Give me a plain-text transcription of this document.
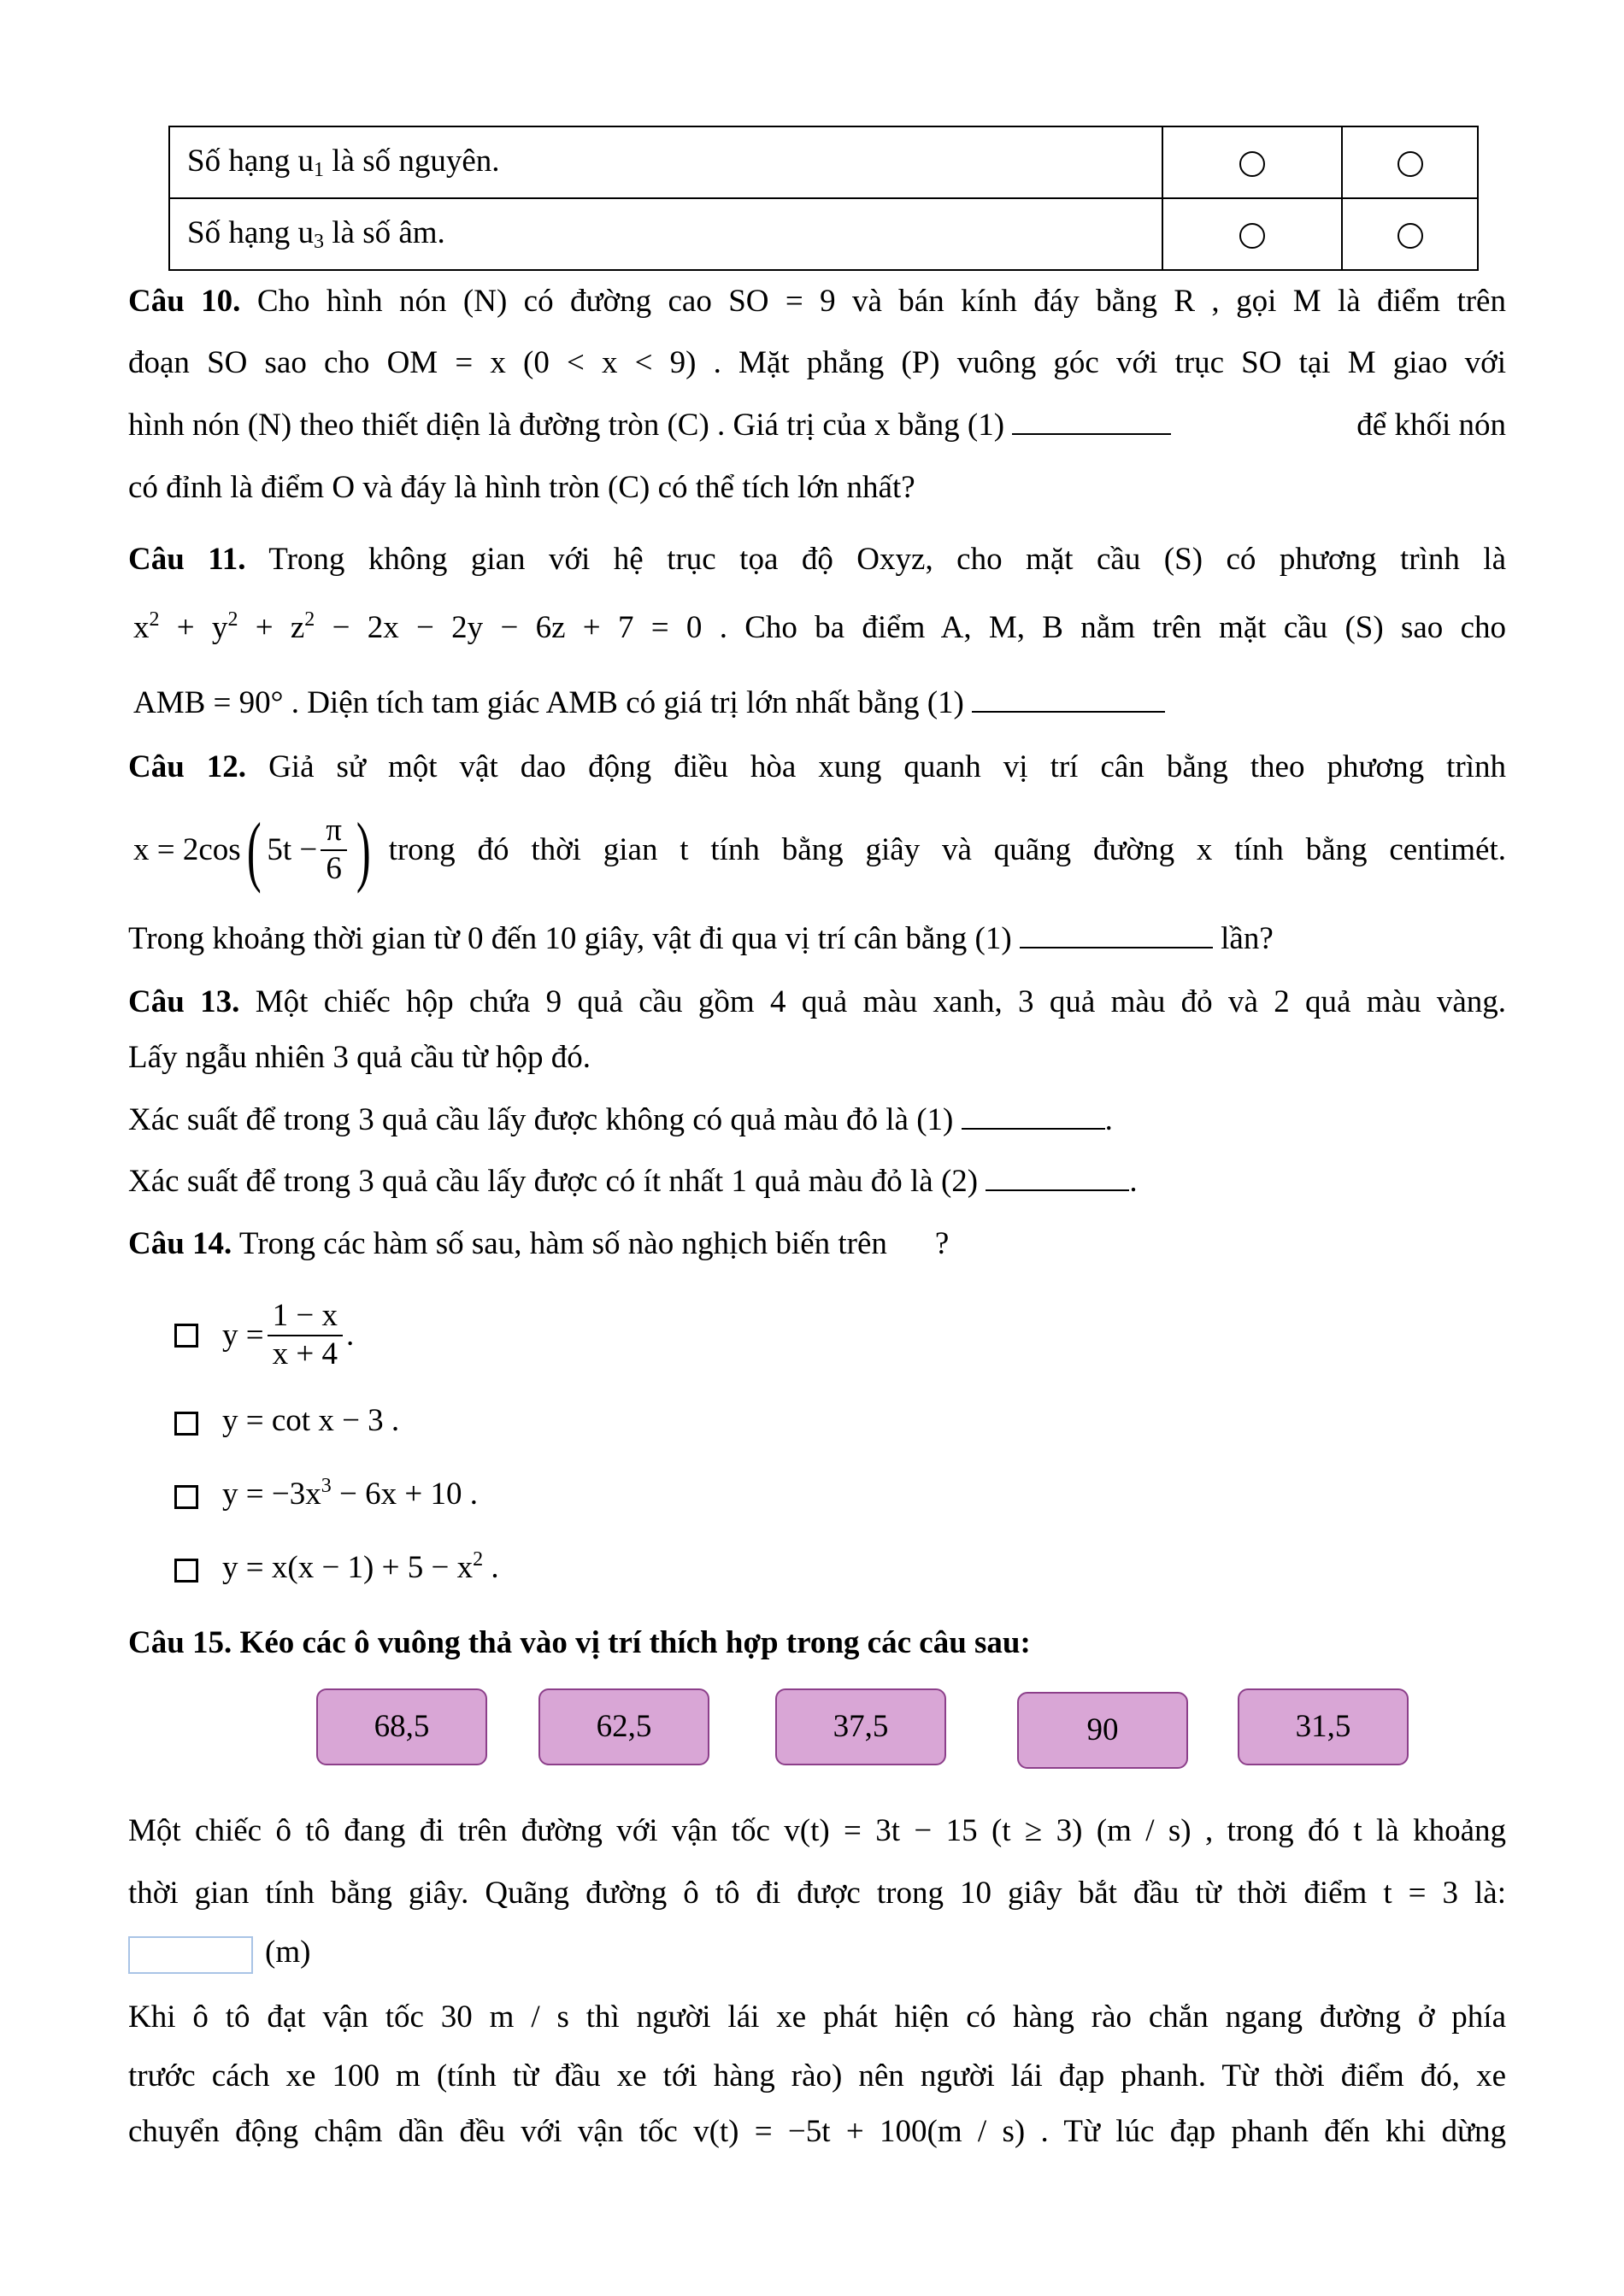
Số hạng $u_1$ là số nguyên.		
Số hạng $u_3$ là số âm.		
Câu 10. Cho hình nón (N) có đường cao SO = 9 và bán kính đáy bằng R , gọi M là điểm trên
đoạn SO sao cho OM = x (0 < x < 9) . Mặt phẳng (P) vuông góc với trục SO tại M giao với
hình nón (N) theo thiết diện là đường tròn (C) . Giá trị của x bằng (1)	để khối nón
có đỉnh là điểm O và đáy là hình tròn (C) có thể tích lớn nhất?
Câu 11. Trong không gian với hệ trục tọa độ Oxyz, cho mặt cầu (S) có phương trình là
$x^2 + y^2 + z^2 - 2x - 2y - 6z + 7 = 0$ . Cho ba điểm A, M, B nằm trên mặt cầu (S) sao cho
AMB = 90° . Diện tích tam giác AMB có giá trị lớn nhất bằng (1)
Câu 12. Giả sử một vật dao động điều hòa xung quanh vị trí cân bằng theo phương trình
x = 2cos ( $5t - \frac{\pi}{6}$ ) trong đó thời gian t tính bằng giây và quãng đường x tính bằng centimét.
Trong khoảng thời gian từ 0 đến 10 giây, vật đi qua vị trí cân bằng (1)	lần?
Câu 13. Một chiếc hộp chứa 9 quả cầu gồm 4 quả màu xanh, 3 quả màu đỏ và 2 quả màu vàng.
Lấy ngẫu nhiên 3 quả cầu từ hộp đó.
Xác suất để trong 3 quả cầu lấy được không có quả màu đỏ là (1)	.
Xác suất để trong 3 quả cầu lấy được có ít nhất 1 quả màu đỏ là (2)	.
Câu 14. Trong các hàm số sau, hàm số nào nghịch biến trên ?
$y = \frac{1 - x}{x + 4}$ .
y = cot x − 3 .
$y = -3x^3 - 6x + 10$ .
$y = x(x - 1) + 5 - x^2$ .
Câu 15. Kéo các ô vuông thả vào vị trí thích hợp trong các câu sau:
68,5	62,5	37,5	90	31,5
Một chiếc ô tô đang đi trên đường với vận tốc v(t) = 3t − 15 (t ≥ 3) (m / s) , trong đó t là khoảng
thời gian tính bằng giây. Quãng đường ô tô đi được trong 10 giây bắt đầu từ thời điểm t = 3 là:
(m)
Khi ô tô đạt vận tốc 30 m / s thì người lái xe phát hiện có hàng rào chắn ngang đường ở phía
trước cách xe 100 m (tính từ đầu xe tới hàng rào) nên người lái đạp phanh. Từ thời điểm đó, xe
chuyển động chậm dần đều với vận tốc v(t) = −5t + 100(m / s) . Từ lúc đạp phanh đến khi dừng
